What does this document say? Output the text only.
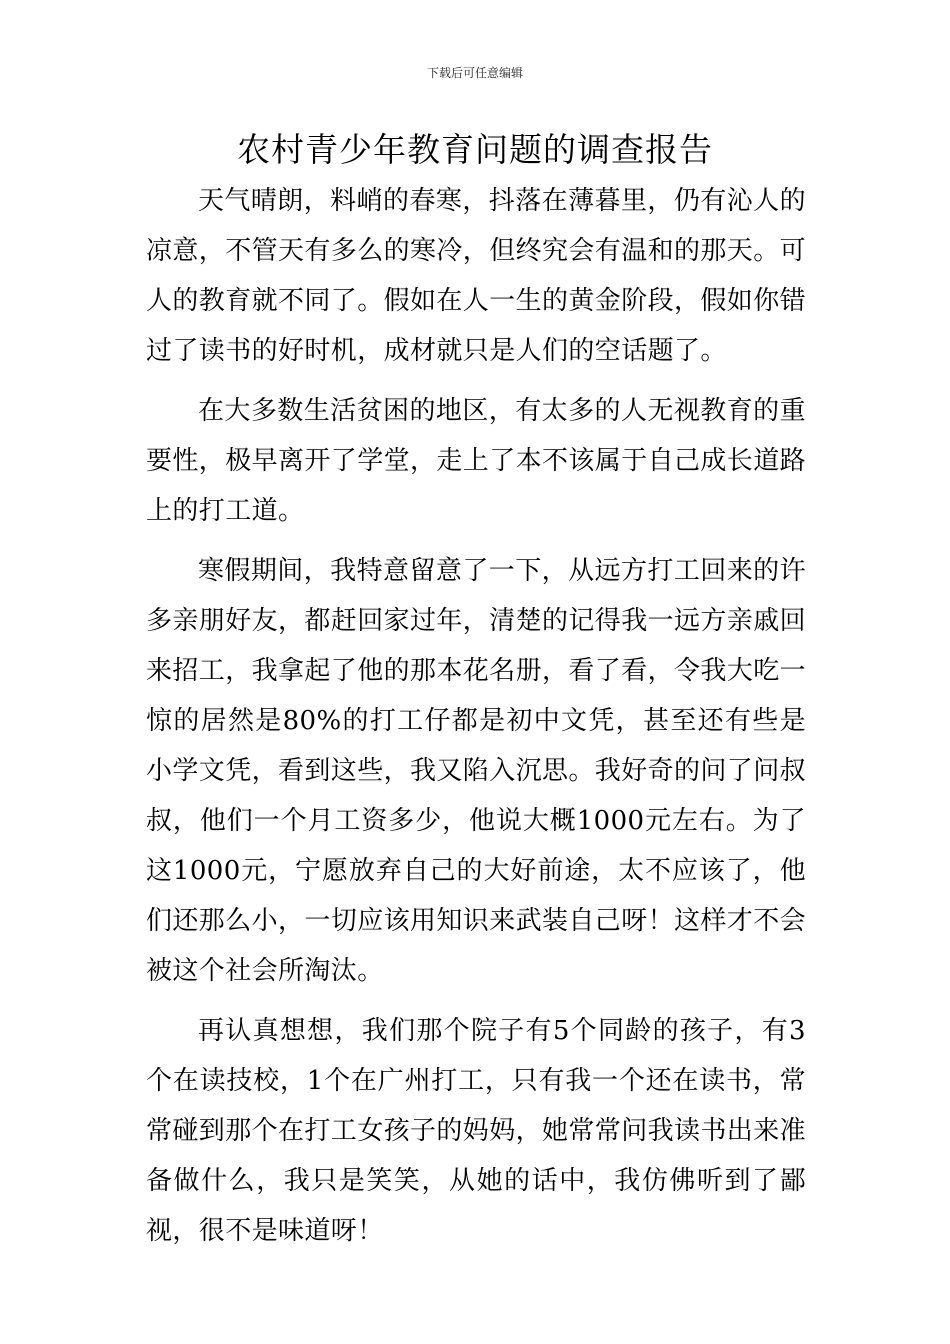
下载后可任意编辑
农村青少年教育问题的调查报告

天气晴朗，料峭的春寒，抖落在薄暮里，仍有沁人的凉意，不管天有多么的寒冷，但终究会有温和的那天。可人的教育就不同了。假如在人一生的黄金阶段，假如你错过了读书的好时机，成材就只是人们的空话题了。

在大多数生活贫困的地区，有太多的人无视教育的重要性，极早离开了学堂，走上了本不该属于自己成长道路上的打工道。

寒假期间，我特意留意了一下，从远方打工回来的许多亲朋好友，都赶回家过年，清楚的记得我一远方亲戚回来招工，我拿起了他的那本花名册，看了看，令我大吃一惊的居然是80%的打工仔都是初中文凭，甚至还有些是小学文凭，看到这些，我又陷入沉思。我好奇的问了问叔叔，他们一个月工资多少，他说大概1000元左右。为了这1000元，宁愿放弃自己的大好前途，太不应该了，他们还那么小，一切应该用知识来武装自己呀！这样才不会被这个社会所淘汰。

再认真想想，我们那个院子有5个同龄的孩子，有3个在读技校，1个在广州打工，只有我一个还在读书，常常碰到那个在打工女孩子的妈妈，她常常问我读书出来准备做什么，我只是笑笑，从她的话中，我仿佛听到了鄙视，很不是味道呀！
